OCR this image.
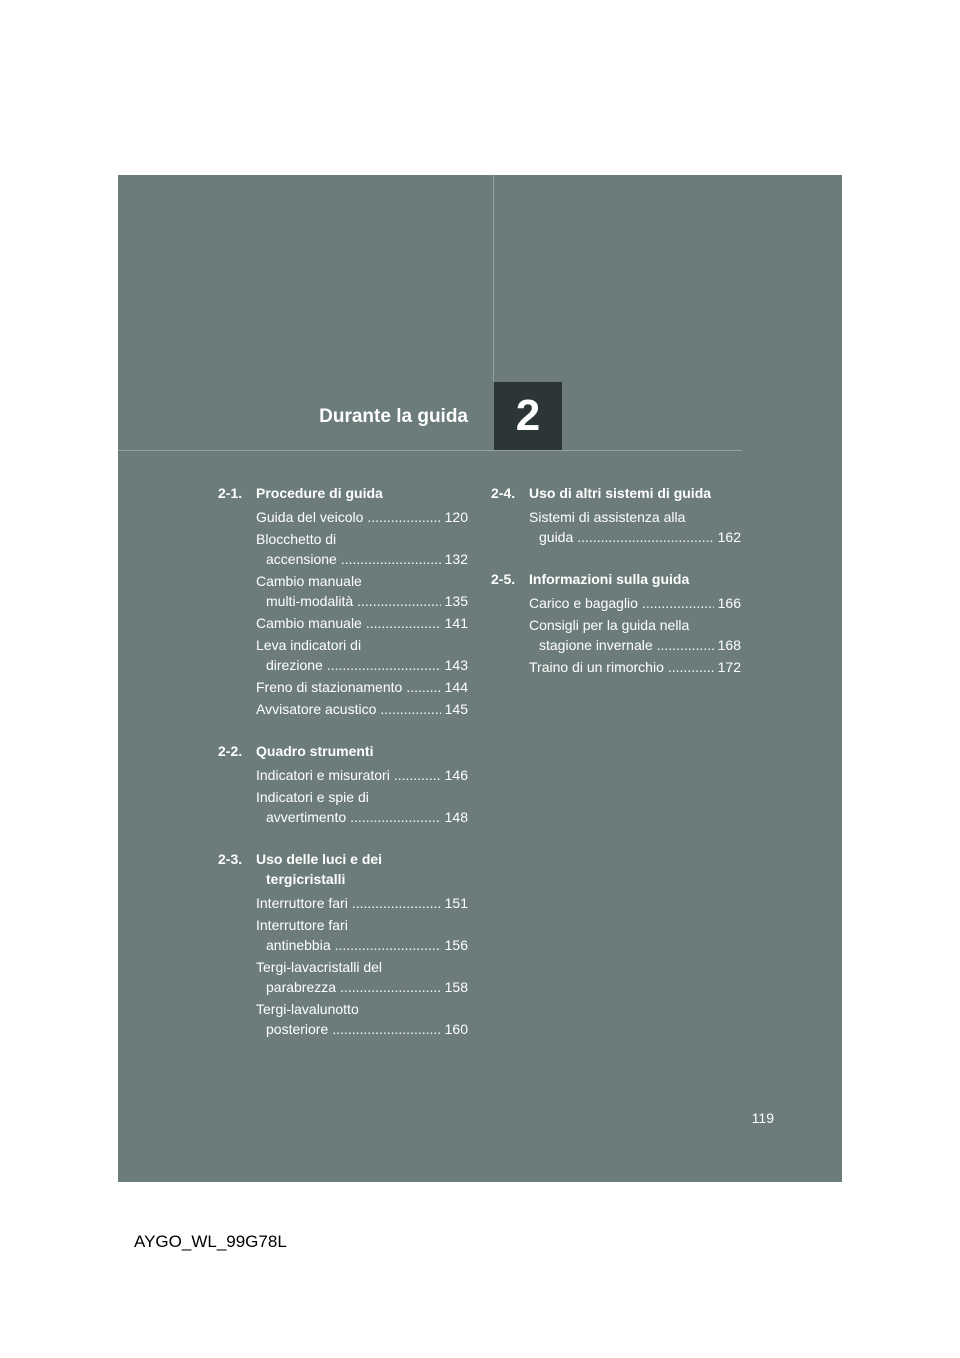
Durante la guida 2
2-1. Procedure di guida
Guida del veicolo .....	120
Blocchetto di
accensione .....	132
Cambio manuale
multi-modalità .....	135
Cambio manuale .....	141
Leva indicatori di
direzione .....	143
Freno di stazionamento .....	144
Avvisatore acustico .....	145
2-2. Quadro strumenti
Indicatori e misuratori .....	146
Indicatori e spie di
avvertimento .....	148
2-3. Uso delle luci e dei
tergicristalli
Interruttore fari .....	151
Interruttore fari
antinebbia .....	156
Tergi-lavacristalli del
parabrezza .....	158
Tergi-lavalunotto
posteriore .....	160
2-4. Uso di altri sistemi di guida
Sistemi di assistenza alla
guida .....	162
2-5. Informazioni sulla guida
Carico e bagaglio .....	166
Consigli per la guida nella
stagione invernale .....	168
Traino di un rimorchio .....	172
119
AYGO_WL_99G78L
